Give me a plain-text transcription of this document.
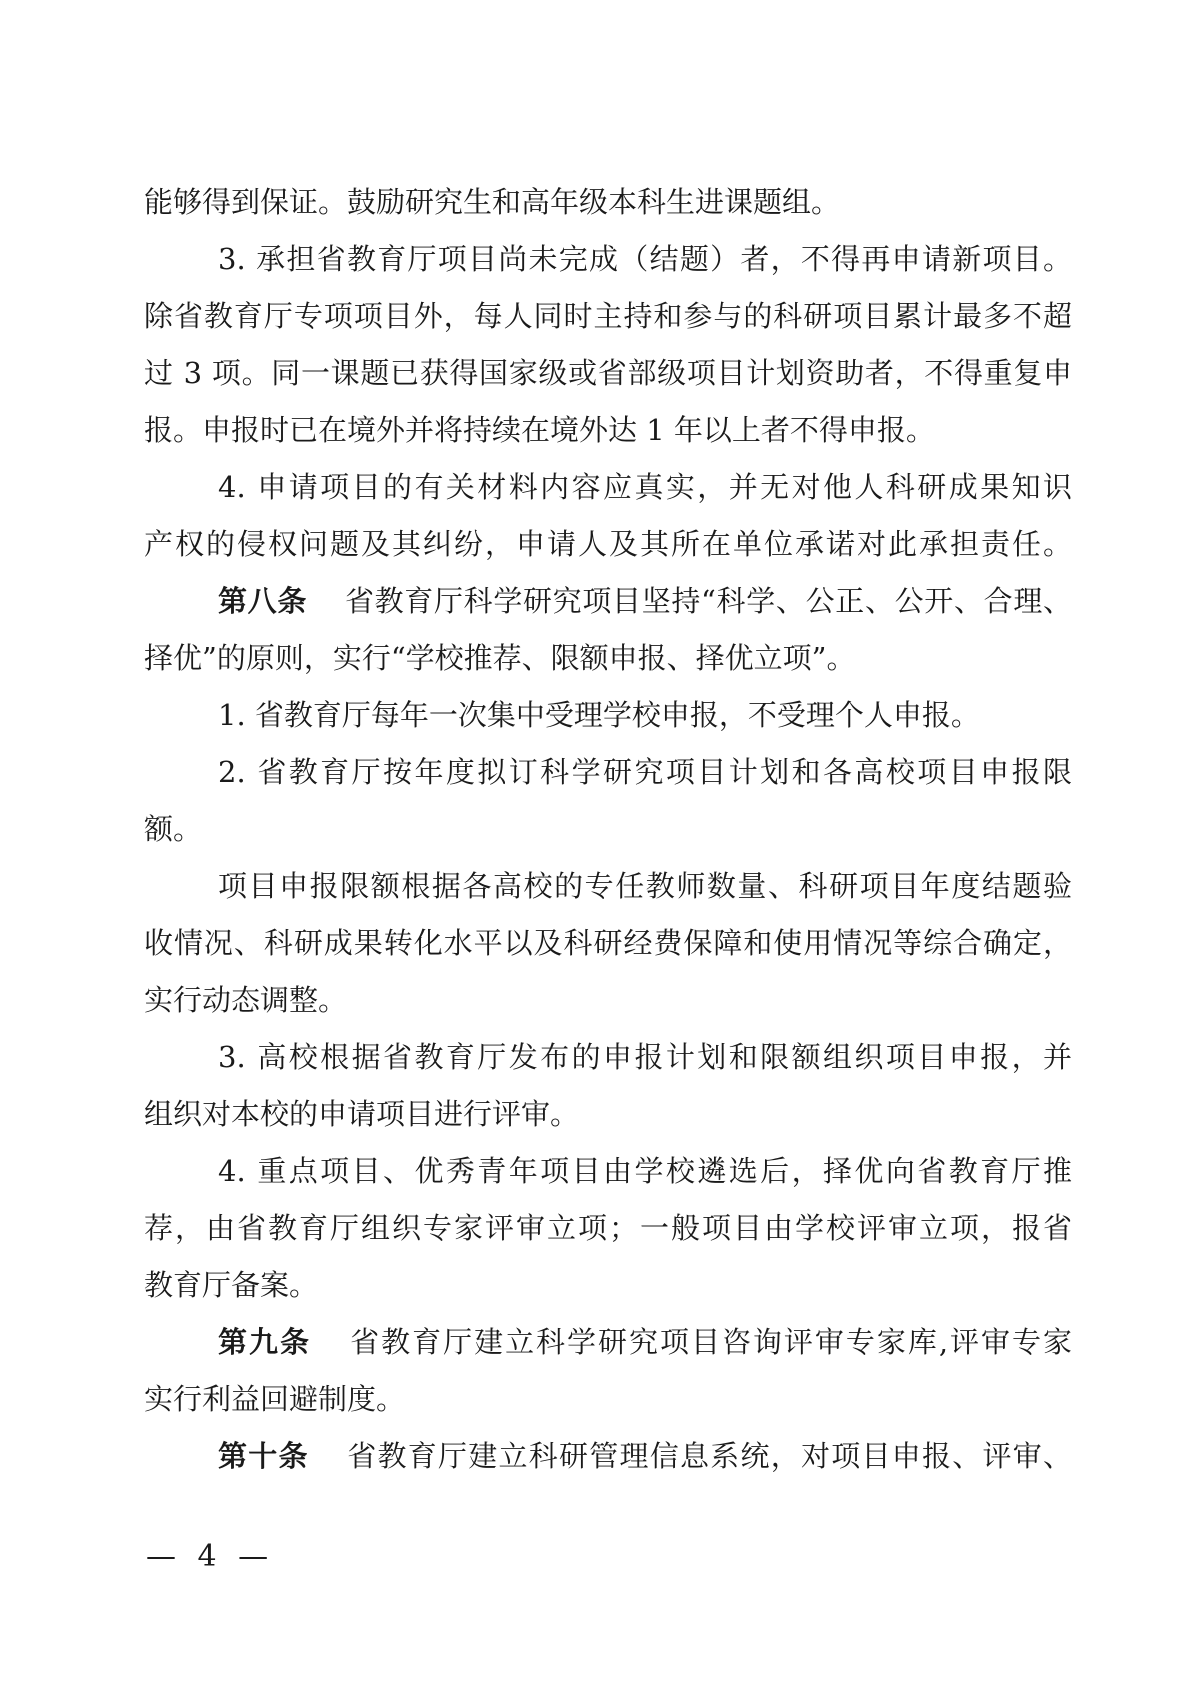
能够得到保证。鼓励研究生和高年级本科生进课题组。
3. 承担省教育厅项目尚未完成（结题）者，不得再申请新项目。
除省教育厅专项项目外，每人同时主持和参与的科研项目累计最多不超
过 3 项。同一课题已获得国家级或省部级项目计划资助者，不得重复申
报。申报时已在境外并将持续在境外达 1 年以上者不得申报。
4. 申请项目的有关材料内容应真实，并无对他人科研成果知识
产权的侵权问题及其纠纷，申请人及其所在单位承诺对此承担责任。
第八条 省教育厅科学研究项目坚持“科学、公正、公开、合理、
择优”的原则，实行“学校推荐、限额申报、择优立项”。
1. 省教育厅每年一次集中受理学校申报，不受理个人申报。
2. 省教育厅按年度拟订科学研究项目计划和各高校项目申报限
额。
项目申报限额根据各高校的专任教师数量、科研项目年度结题验
收情况、科研成果转化水平以及科研经费保障和使用情况等综合确定，
实行动态调整。
3. 高校根据省教育厅发布的申报计划和限额组织项目申报，并
组织对本校的申请项目进行评审。
4. 重点项目、优秀青年项目由学校遴选后，择优向省教育厅推
荐，由省教育厅组织专家评审立项；一般项目由学校评审立项，报省
教育厅备案。
第九条 省教育厅建立科学研究项目咨询评审专家库,评审专家
实行利益回避制度。
第十条 省教育厅建立科研管理信息系统，对项目申报、评审、
— 4 —
